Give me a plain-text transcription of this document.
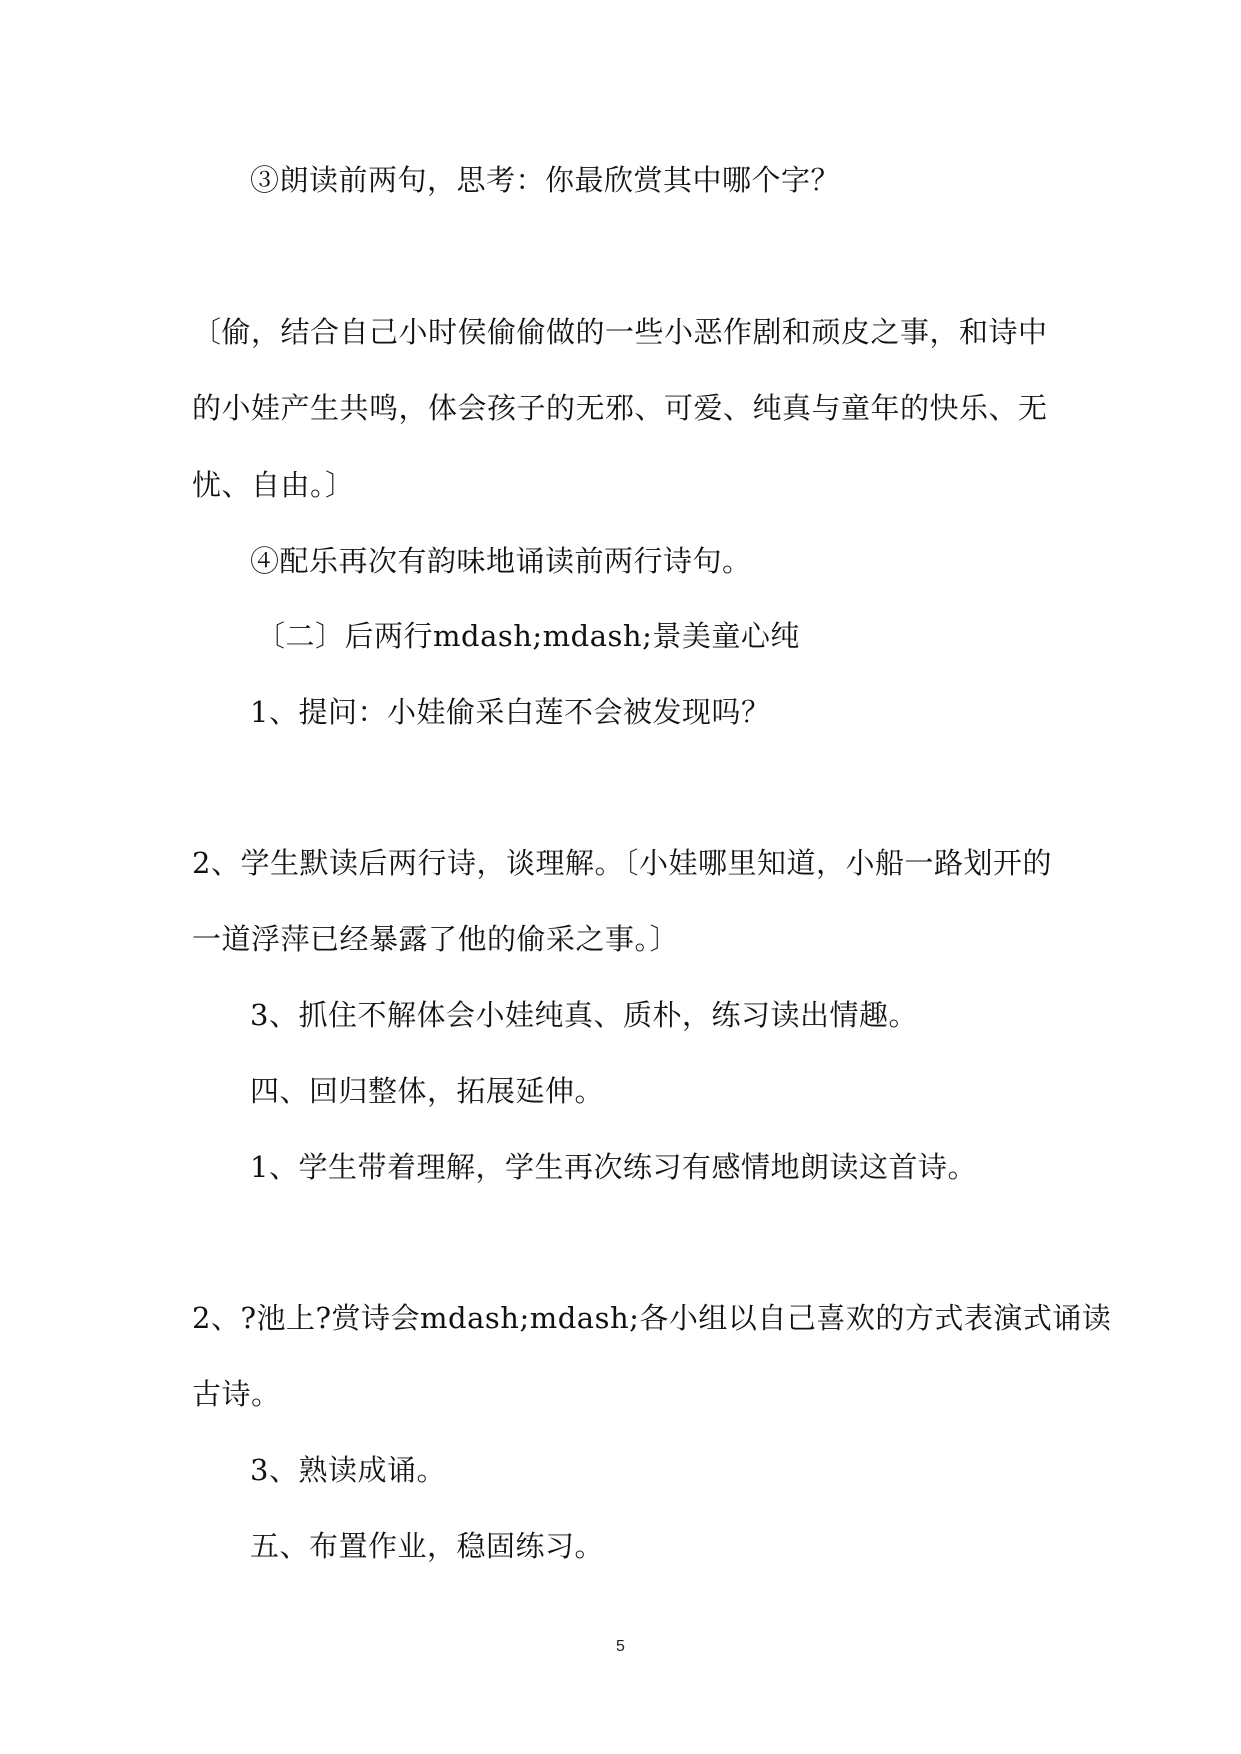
③朗读前两句，思考：你最欣赏其中哪个字？
〔偷，结合自己小时侯偷偷做的一些小恶作剧和顽皮之事，和诗中
的小娃产生共鸣，体会孩子的无邪、可爱、纯真与童年的快乐、无
忧、自由。〕
④配乐再次有韵味地诵读前两行诗句。
〔二〕后两行mdash;mdash;景美童心纯
1、提问：小娃偷采白莲不会被发现吗？
2、学生默读后两行诗，谈理解。〔小娃哪里知道，小船一路划开的
一道浮萍已经暴露了他的偷采之事。〕
3、抓住不解体会小娃纯真、质朴，练习读出情趣。
四、回归整体，拓展延伸。
1、学生带着理解，学生再次练习有感情地朗读这首诗。
2、?池上?赏诗会mdash;mdash;各小组以自己喜欢的方式表演式诵读
古诗。
3、熟读成诵。
五、布置作业，稳固练习。
5
